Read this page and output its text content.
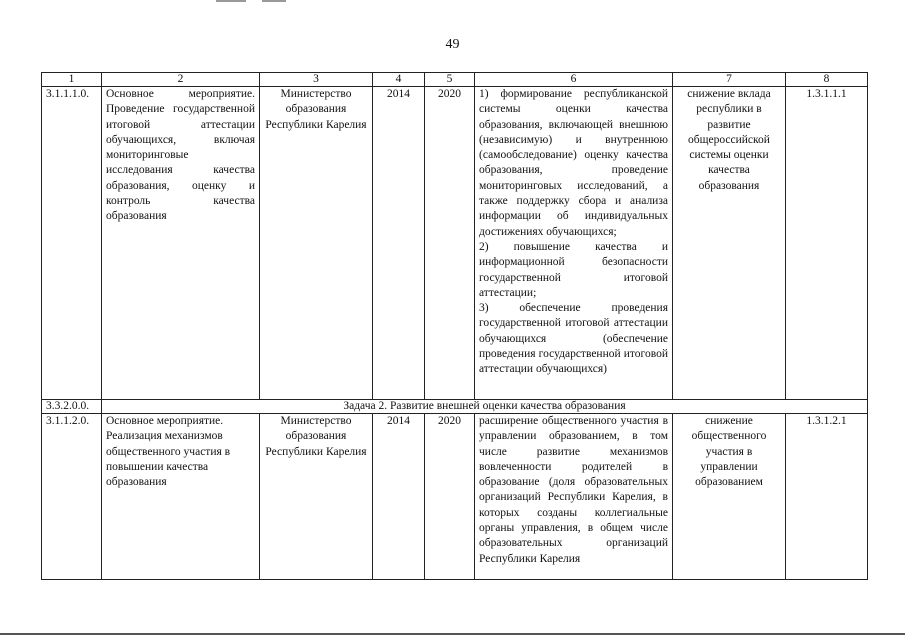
49
1	2	3	4	5	6	7	8
3.1.1.1.0.	Основное мероприятие. Проведение государственной итоговой аттестации обучающихся, включая мониторинговые исследования качества образования, оценку и контроль качества образования	Министерство образования Республики Карелия	2014	2020	1) формирование республиканской системы оценки качества образования, включающей внешнюю (независимую) и внутреннюю (самообследование) оценку качества образования, проведение мониторинговых исследований, а также поддержку сбора и анализа информации об индивидуальных достижениях обучающихся;
2) повышение качества и информационной безопасности государственной итоговой аттестации;
3) обеспечение проведения государственной итоговой аттестации обучающихся (обеспечение проведения государственной итоговой аттестации обучающихся)	снижение вклада республики в развитие общероссийской системы оценки качества образования	1.3.1.1.1
3.3.2.0.0.	Задача 2. Развитие внешней оценки качества образования						
3.1.1.2.0.	Основное мероприятие. Реализация механизмов общественного участия в повышении качества образования	Министерство образования Республики Карелия	2014	2020	расширение общественного участия в управлении образованием, в том числе развитие механизмов вовлеченности родителей в образование (доля образовательных организаций Республики Карелия, в которых созданы коллегиальные органы управления, в общем числе образовательных организаций Республики Карелия	снижение общественного участия в управлении образованием	1.3.1.2.1
